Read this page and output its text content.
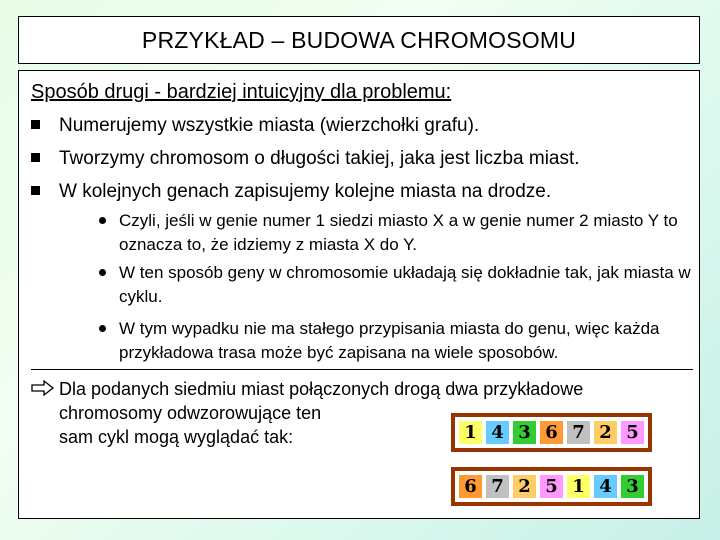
PRZYKŁAD – BUDOWA CHROMOSOMU
Sposób drugi - bardziej intuicyjny dla problemu:
Numerujemy wszystkie miasta (wierzchołki grafu).
Tworzymy chromosom o długości takiej, jaka jest liczba miast.
W kolejnych genach zapisujemy kolejne miasta na drodze.
Czyli, jeśli w genie numer 1 siedzi miasto X a w genie numer 2 miasto Y to oznacza to, że idziemy z miasta X do Y.
W ten sposób geny w chromosomie układają się dokładnie tak, jak miasta w cyklu.
W tym wypadku nie ma stałego przypisania miasta do genu, więc każda przykładowa trasa może być zapisana na wiele sposobów.
Dla podanych siedmiu miast połączonych drogą dwa przykładowe
chromosomy odwzorowujące ten
sam cykl mogą wyglądać tak:	1 4 3 6 7 2 5
6 7 2 5 1 4 3
